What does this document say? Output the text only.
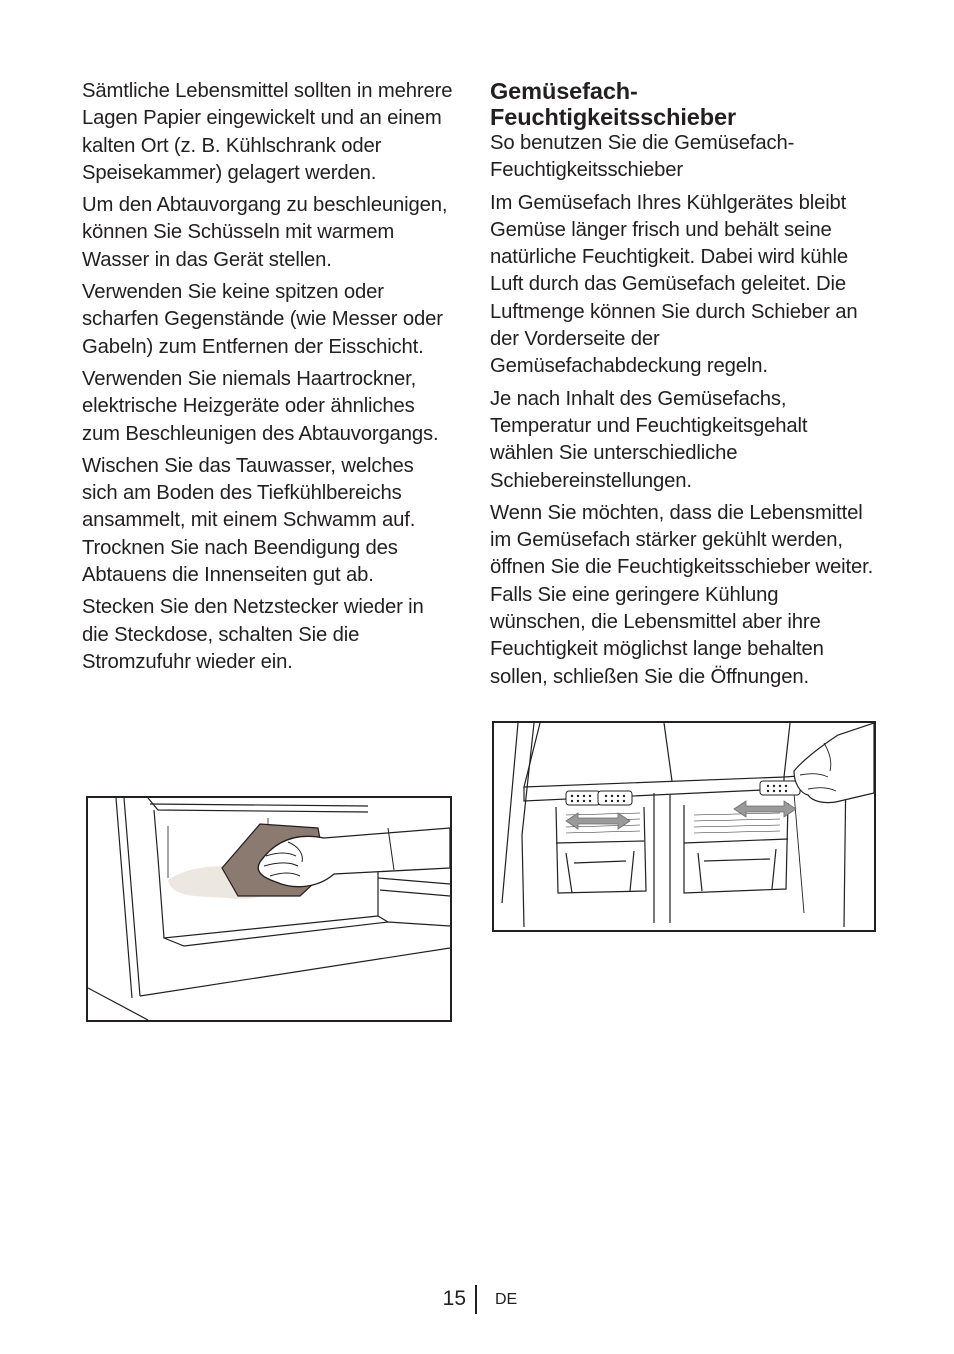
Sämtliche Lebensmittel sollten in mehrere Lagen Papier eingewickelt und an einem kalten Ort (z. B. Kühlschrank oder Speisekammer) gelagert werden.

Um den Abtauvorgang zu beschleunigen, können Sie Schüsseln mit warmem Wasser in das Gerät stellen.

Verwenden Sie keine spitzen oder scharfen Gegenstände (wie Messer oder Gabeln) zum Entfernen der Eisschicht.

Verwenden Sie niemals Haartrockner, elektrische Heizgeräte oder ähnliches zum Beschleunigen des Abtauvorgangs.

Wischen Sie das Tauwasser, welches sich am Boden des Tiefkühlbereichs ansammelt, mit einem Schwamm auf. Trocknen Sie nach Beendigung des Abtauens die Innenseiten gut ab.

Stecken Sie den Netzstecker wieder in die Steckdose, schalten Sie die Stromzufuhr wieder ein.

Gemüsefach-Feuchtigkeitsschieber

So benutzen Sie die Gemüsefach-Feuchtigkeitsschieber

Im Gemüsefach Ihres Kühlgerätes bleibt Gemüse länger frisch und behält seine natürliche Feuchtigkeit. Dabei wird kühle Luft durch das Gemüsefach geleitet. Die Luftmenge können Sie durch Schieber an der Vorderseite der Gemüsefachabdeckung regeln.

Je nach Inhalt des Gemüsefachs, Temperatur und Feuchtigkeitsgehalt wählen Sie unterschiedliche Schiebereinstellungen.

Wenn Sie möchten, dass die Lebensmittel im Gemüsefach stärker gekühlt werden, öffnen Sie die Feuchtigkeitsschieber weiter. Falls Sie eine geringere Kühlung wünschen, die Lebensmittel aber ihre Feuchtigkeit möglichst lange behalten sollen, schließen Sie die Öffnungen.

15 DE
